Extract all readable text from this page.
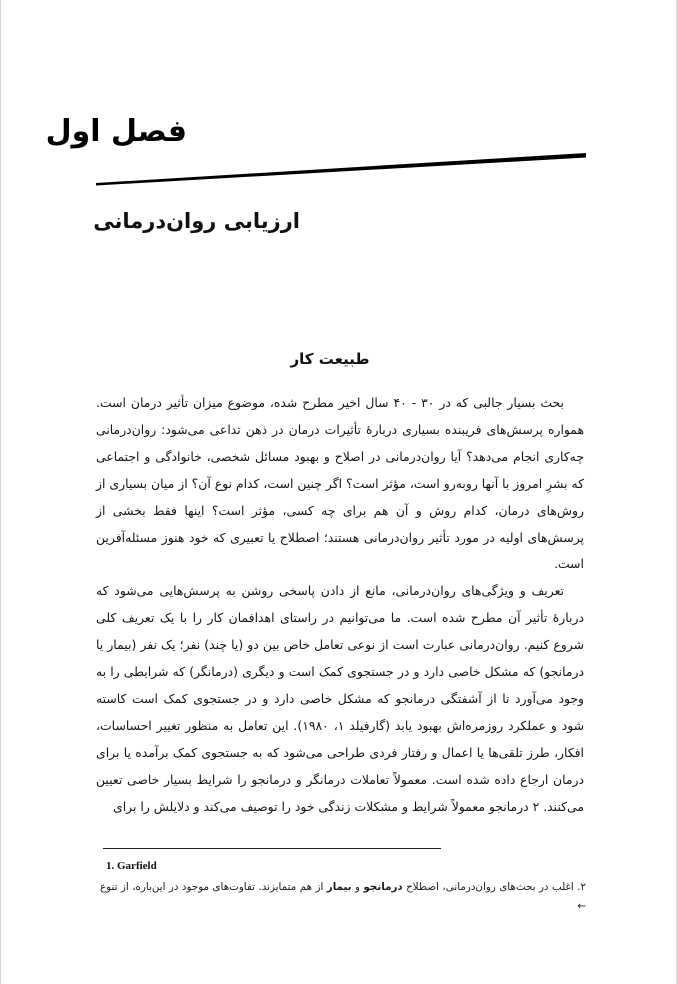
فصل اول
ارزیابی روان‌درمانی
طبیعت کار

بحث بسیار جالبی که در ۳۰ - ۴۰ سال اخیر مطرح شده، موضوع میزان تأثیر درمان است. همواره پرسش‌های فریبنده بسیاری دربارهٔ تأثیرات درمان در ذهن تداعی می‌شود: روان‌درمانی چه‌کاری انجام می‌دهد؟ آیا روان‌درمانی در اصلاح و بهبود مسائل شخصی، خانوادگی و اجتماعی که بشرِ امروز با آنها روبه‌رو است، مؤثر است؟ اگر چنین است، کدام نوع آن؟ از میان بسیاری از روش‌های درمان، کدام روش و آن هم برای چه کسی، مؤثر است؟ اینها فقط بخشی از پرسش‌های اولیه در مورد تأثیر روان‌درمانی هستند؛ اصطلاح یا تعبیری که خود هنوز مسئله‌آفرین است.

تعریف و ویژگی‌های روان‌درمانی، مانع از دادن پاسخی روشن به پرسش‌هایی می‌شود که دربارهٔ تأثیر آن مطرح شده است. ما می‌توانیم در راستای اهدافمان کار را با یک تعریف کلی شروع کنیم. روان‌درمانی عبارت است از نوعی تعامل خاص بین دو (یا چند) نفر؛ یک نفر (بیمار یا درمانجو) که مشکل خاصی دارد و در جستجوی کمک است و دیگری (درمانگر) که شرایطی را به وجود می‌آورد تا از آشفتگی درمانجو که مشکل خاصی دارد و در جستجوی کمک است کاسته شود و عملکرد روزمره‌اش بهبود یابد (گارفیلد ۱، ۱۹۸۰). این تعامل به منظور تغییر احساسات، افکار، طرز تلقی‌ها یا اعمال و رفتار فردی طراحی می‌شود که به جستجوی کمک برآمده یا برای درمان ارجاع داده شده است. معمولاً تعاملات درمانگر و درمانجو را شرایط بسیار خاصی تعیین می‌کنند. ۲ درمانجو معمولاً شرایط و مشکلات زندگی خود را توصیف می‌کند و دلایلش را برای

1. Garfield
۲. اغلب در بحث‌های روان‌درمانی، اصطلاح درمانجو و بیمار از هم متمایزند. تفاوت‌های موجود در این‌باره، از تنوع ←
